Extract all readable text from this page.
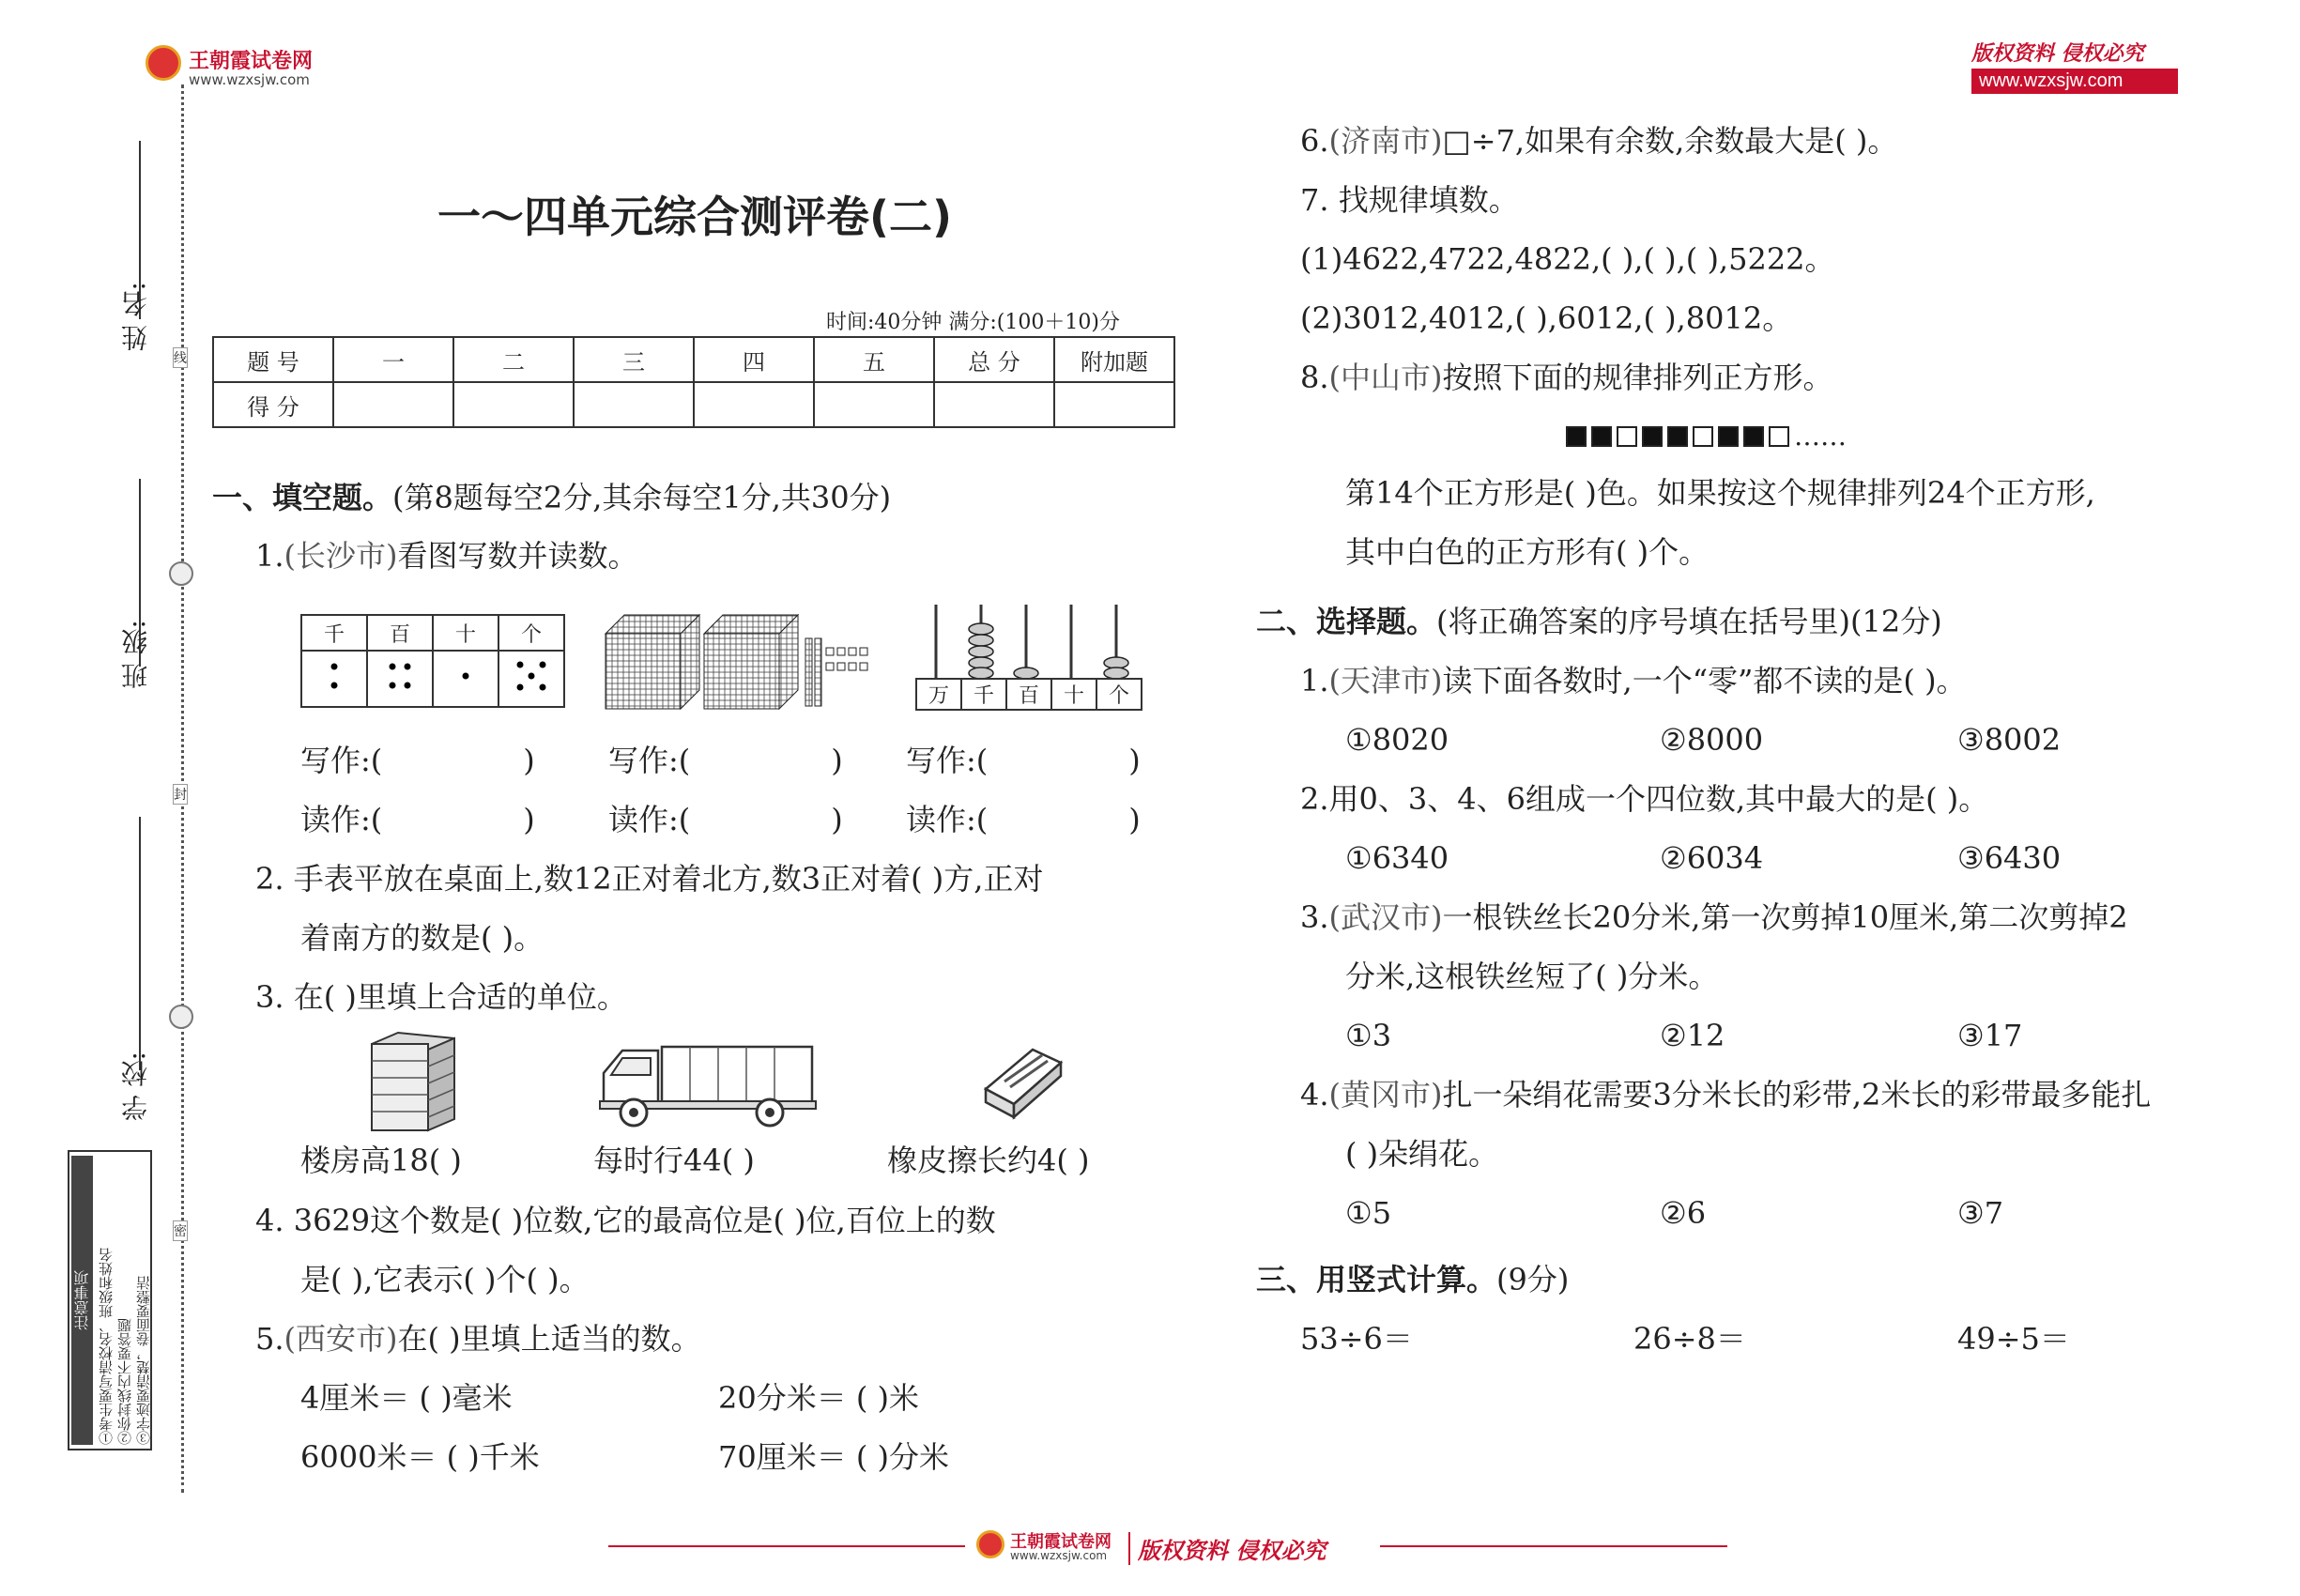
王朝霞试卷网
www.wzxsjw.com
版权资料 侵权必究
www.wzxsjw.com
姓 名:
班 级:
学 校:
线
封
密
注意事项 ①考生要写清校名、班级和姓名 ②你封线内不要答题 ③字迹要清楚，卷面要整洁
一～四单元综合测评卷(二)
时间:40分钟 满分:(100＋10)分
题 号	一	二	三	四	五	总 分	附加题
得 分							
一、填空题。(第8题每空2分,其余每空1分,共30分)
1.(长沙市)看图写数并读数。
千	百	十	个

万	千	百	十	个
写作:(	) 写作:(	) 写作:(	)
读作:(	) 读作:(	) 读作:(	)
2. 手表平放在桌面上,数12正对着北方,数3正对着( )方,正对
着南方的数是( )。
3. 在( )里填上合适的单位。
楼房高18( )	每时行44( )	橡皮擦长约4( )
4. 3629这个数是( )位数,它的最高位是( )位,百位上的数
是( ),它表示( )个( )。
5.(西安市)在( )里填上适当的数。
4厘米＝ ( )毫米	20分米＝ ( )米
6000米＝ ( )千米	70厘米＝ ( )分米
6.(济南市)□÷7,如果有余数,余数最大是( )。
7. 找规律填数。
(1)4622,4722,4822,( ),( ),( ),5222。
(2)3012,4012,( ),6012,( ),8012。
8.(中山市)按照下面的规律排列正方形。
……
第14个正方形是( )色。如果按这个规律排列24个正方形,
其中白色的正方形有( )个。
二、选择题。(将正确答案的序号填在括号里)(12分)
1.(天津市)读下面各数时,一个“零”都不读的是( )。
①8020	②8000	③8002
2.用0、3、4、6组成一个四位数,其中最大的是( )。
①6340	②6034	③6430
3.(武汉市)一根铁丝长20分米,第一次剪掉10厘米,第二次剪掉2
分米,这根铁丝短了( )分米。
①3	②12	③17
4.(黄冈市)扎一朵绢花需要3分米长的彩带,2米长的彩带最多能扎
( )朵绢花。
①5	②6	③7
三、用竖式计算。(9分)
53÷6＝	26÷8＝	49÷5＝
王朝霞试卷网
www.wzxsjw.com	版权资料 侵权必究
